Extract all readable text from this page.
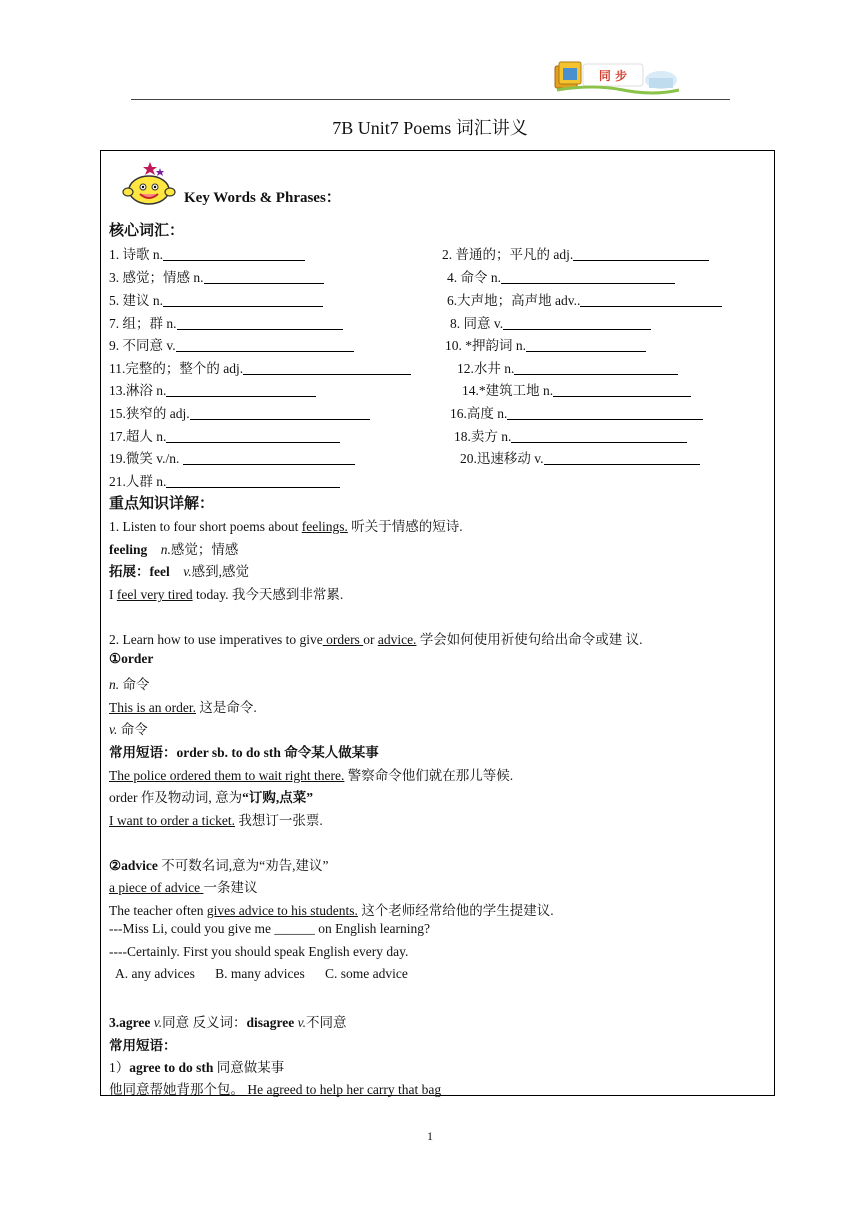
同 步
7B Unit7 Poems 词汇讲义
Key Words & Phrases：
核心词汇：
1. 诗歌 n.	2. 普通的；平凡的 adj.
3. 感觉；情感 n.	4. 命令 n.
5. 建议 n.	6.大声地；高声地 adv..
7. 组；群 n.	8. 同意 v.
9. 不同意 v.	10. *押韵词 n.
11.完整的；整个的 adj.	12.水井 n.
13.淋浴 n.	14.*建筑工地 n.
15.狭窄的 adj.	16.高度 n.
17.超人 n.	18.卖方 n.
19.微笑 v./n.	20.迅速移动 v.
21.人群 n.
重点知识详解：
1. Listen to four short poems about feelings. 听关于情感的短诗.
feeling n.感觉；情感
拓展：feel v.感到,感觉
I feel very tired today. 我今天感到非常累.
2. Learn how to use imperatives to give orders or advice. 学会如何使用祈使句给出命令或建 议.
①order
n. 命令
This is an order. 这是命令.
v. 命令
常用短语：order sb. to do sth 命令某人做某事
The police ordered them to wait right there. 警察命令他们就在那儿等候.
order 作及物动词, 意为“订购,点菜”
I want to order a ticket. 我想订一张票.
②advice 不可数名词,意为“劝告,建议”
a piece of advice 一条建议
The teacher often gives advice to his students. 这个老师经常给他的学生提建议.
---Miss Li, could you give me ______ on English learning?
----Certainly. First you should speak English every day.
A. any advices      B. many advices      C. some advice
3.agree v.同意 反义词：disagree v.不同意
常用短语：
1）agree to do sth 同意做某事
他同意帮她背那个包。 He agreed to help her carry that bag
1
